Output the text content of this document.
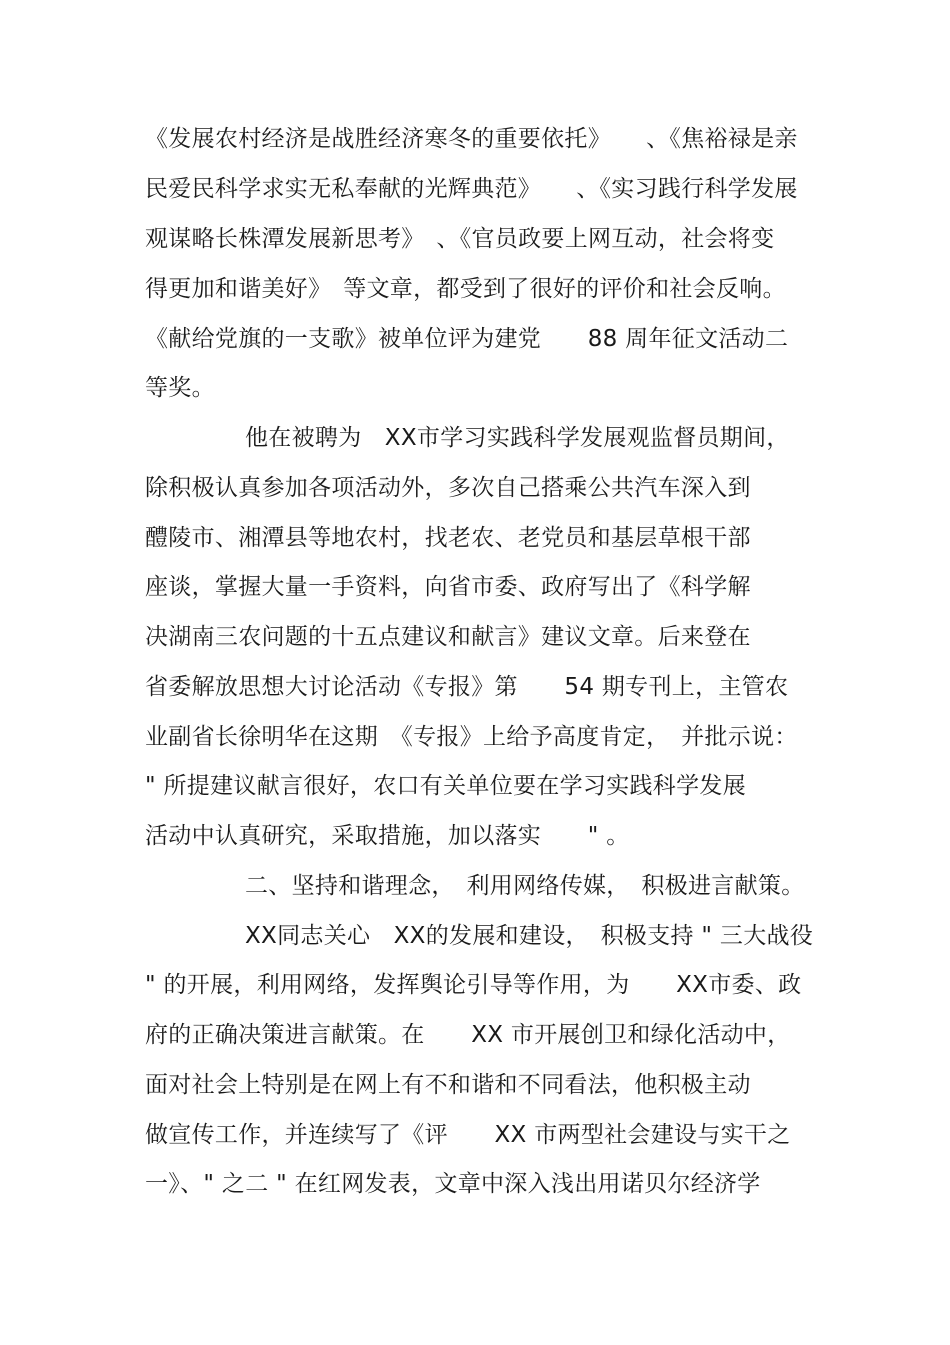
《发展农村经济是战胜经济寒冬的重要依托》　　、《焦裕禄是亲
民爱民科学求实无私奉献的光辉典范》　　、《实习践行科学发展
观谋略长株潭发展新思考》　、《官员政要上网互动，社会将变
得更加和谐美好》　等文章，都受到了很好的评价和社会反响。
《献给党旗的一支歌》被单位评为建党　　88 周年征文活动二
等奖。
他在被聘为　XX市学习实践科学发展观监督员期间，
除积极认真参加各项活动外，多次自己搭乘公共汽车深入到
醴陵市、湘潭县等地农村，找老农、老党员和基层草根干部
座谈，掌握大量一手资料，向省市委、政府写出了《科学解
决湖南三农问题的十五点建议和献言》建议文章。后来登在
省委解放思想大讨论活动《专报》第　　54 期专刊上，主管农
业副省长徐明华在这期　《专报》上给予高度肯定，　并批示说：
" 所提建议献言很好，农口有关单位要在学习实践科学发展
活动中认真研究，采取措施，加以落实　　" 。
二、坚持和谐理念，　利用网络传媒，　积极进言献策。
XX同志关心　XX的发展和建设，　积极支持 " 三大战役
" 的开展，利用网络，发挥舆论引导等作用，为　　XX市委、政
府的正确决策进言献策。在　　XX 市开展创卫和绿化活动中，
面对社会上特别是在网上有不和谐和不同看法，他积极主动
做宣传工作，并连续写了《评　　XX 市两型社会建设与实干之
一》、" 之二 " 在红网发表，文章中深入浅出用诺贝尔经济学
